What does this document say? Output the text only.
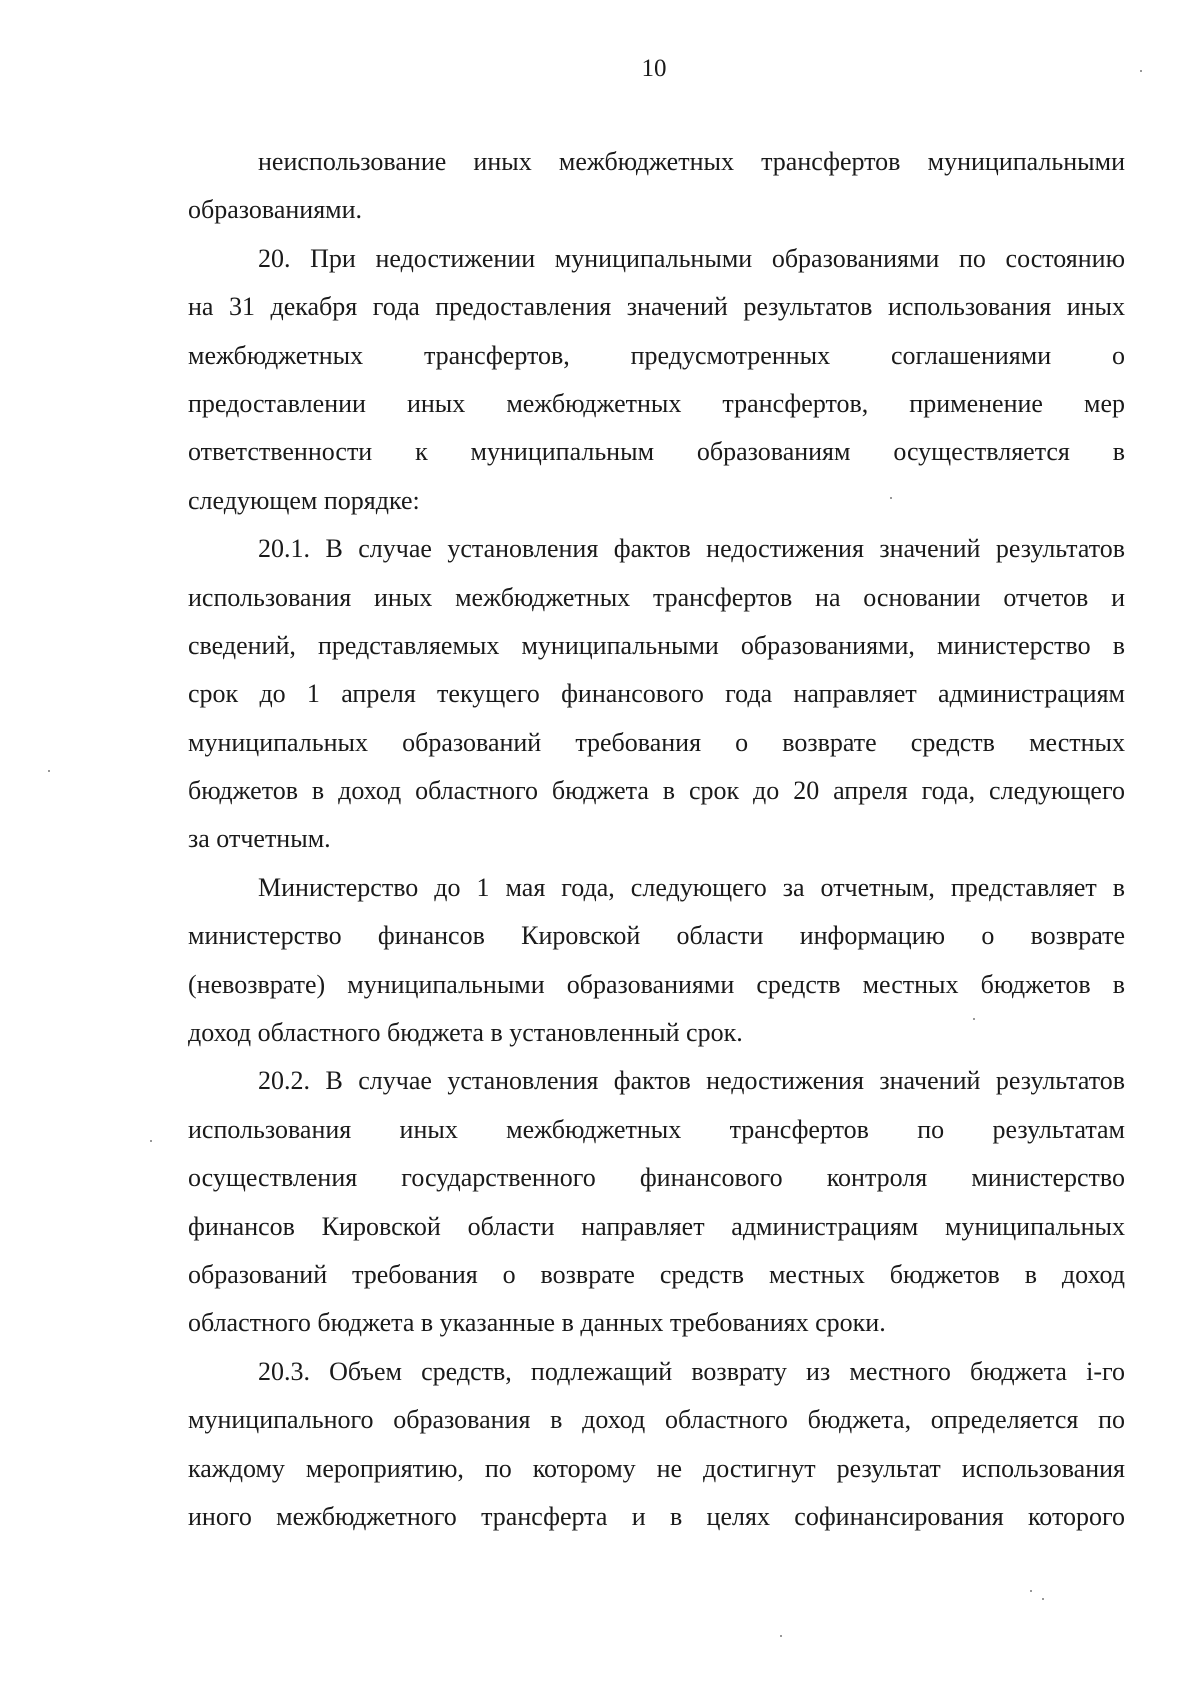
10
неиспользование иных межбюджетных трансфертов муниципальными
образованиями.
20. При недостижении муниципальными образованиями по состоянию
на 31 декабря года предоставления значений результатов использования иных
межбюджетных трансфертов, предусмотренных соглашениями о
предоставлении иных межбюджетных трансфертов, применение мер
ответственности к муниципальным образованиям осуществляется в
следующем порядке:
20.1. В случае установления фактов недостижения значений результатов
использования иных межбюджетных трансфертов на основании отчетов и
сведений, представляемых муниципальными образованиями, министерство в
срок до 1 апреля текущего финансового года направляет администрациям
муниципальных образований требования о возврате средств местных
бюджетов в доход областного бюджета в срок до 20 апреля года, следующего
за отчетным.
Министерство до 1 мая года, следующего за отчетным, представляет в
министерство финансов Кировской области информацию о возврате
(невозврате) муниципальными образованиями средств местных бюджетов в
доход областного бюджета в установленный срок.
20.2. В случае установления фактов недостижения значений результатов
использования иных межбюджетных трансфертов по результатам
осуществления государственного финансового контроля министерство
финансов Кировской области направляет администрациям муниципальных
образований требования о возврате средств местных бюджетов в доход
областного бюджета в указанные в данных требованиях сроки.
20.3. Объем средств, подлежащий возврату из местного бюджета i-го
муниципального образования в доход областного бюджета, определяется по
каждому мероприятию, по которому не достигнут результат использования
иного межбюджетного трансферта и в целях софинансирования которого
